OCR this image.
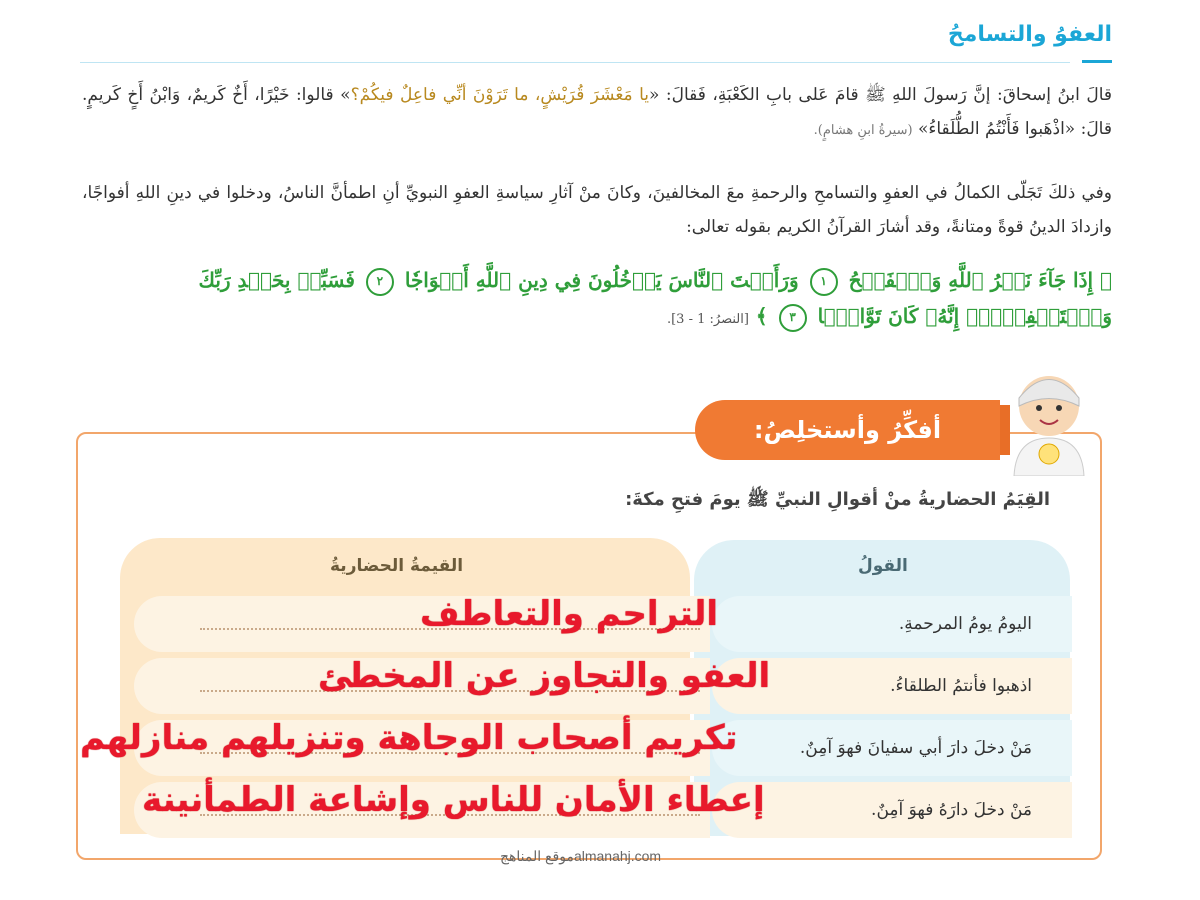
العفوُ والتسامحُ
قالَ ابنُ إسحاقَ: إنَّ رَسولَ اللهِ ﷺ قامَ عَلى بابِ الكَعْبَةِ، فَقالَ: «يا مَعْشَرَ قُرَيْشٍ، ما تَرَوْنَ أنِّي فاعِلٌ فيكُمْ؟» قالوا: خَيْرًا، أَخٌ كَريمٌ، وَابْنُ أَخٍ كَريمٍ. قالَ: «اذْهَبوا فَأَنْتُمُ الطُّلَقاءُ» (سيرةُ ابنِ هشامٍ).
وفي ذلكَ تَجَلّى الكمالُ في العفوِ والتسامحِ والرحمةِ معَ المخالفينَ، وكانَ منْ آثارِ سياسةِ العفوِ النبويِّ أنِ اطمأنَّ الناسُ، ودخلوا في دينِ اللهِ أفواجًا، وازدادَ الدينُ قوةً ومتانةً، وقد أشارَ القرآنُ الكريم بقوله تعالى:
﴿ إِذَا جَآءَ نَصۡرُ ٱللَّهِ وَٱلۡفَتۡحُ ١ وَرَأَيۡتَ ٱلنَّاسَ يَدۡخُلُونَ فِي دِينِ ٱللَّهِ أَفۡوَاجٗا ٢ فَسَبِّحۡ بِحَمۡدِ رَبِّكَ وَٱسۡتَغۡفِرۡهُۚ إِنَّهُۥ كَانَ تَوَّابَۢا ٣ ﴾ [النصرُ: 1 - 3].
أفكِّرُ وأستخلِصُ:
القِيَمُ الحضاريةُ منْ أقوالِ النبيِّ ﷺ يومَ فتحِ مكةَ:
القيمةُ الحضاريةُ	القولُ
اليومُ يومُ المرحمةِ.
التراحم والتعاطف
اذهبوا فأنتمُ الطلقاءُ.
العفو والتجاوز عن المخطئ
مَنْ دخلَ دارَ أبي سفيانَ فهوَ آمِنٌ.
تكريم أصحاب الوجاهة وتنزيلهم منازلهم
مَنْ دخلَ دارَهُ فهوَ آمِنٌ.
إعطاء الأمان للناس وإشاعة الطمأنينة
almanahj.comموقع المناهج
